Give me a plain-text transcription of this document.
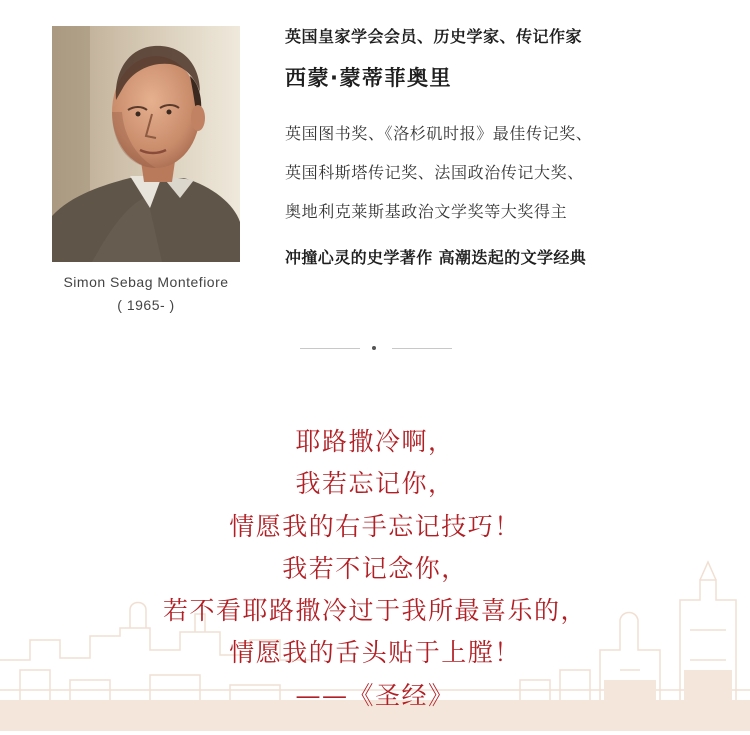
Simon Sebag Montefiore
( 1965- )
英国皇家学会会员、历史学家、传记作家
西蒙·蒙蒂菲奥里
英国图书奖、《洛杉矶时报》最佳传记奖、
英国科斯塔传记奖、法国政治传记大奖、
奥地利克莱斯基政治文学奖等大奖得主
冲撞心灵的史学著作 高潮迭起的文学经典
耶路撒冷啊，
我若忘记你，
情愿我的右手忘记技巧！
我若不记念你，
若不看耶路撒冷过于我所最喜乐的，
情愿我的舌头贴于上膛！
——《圣经》
